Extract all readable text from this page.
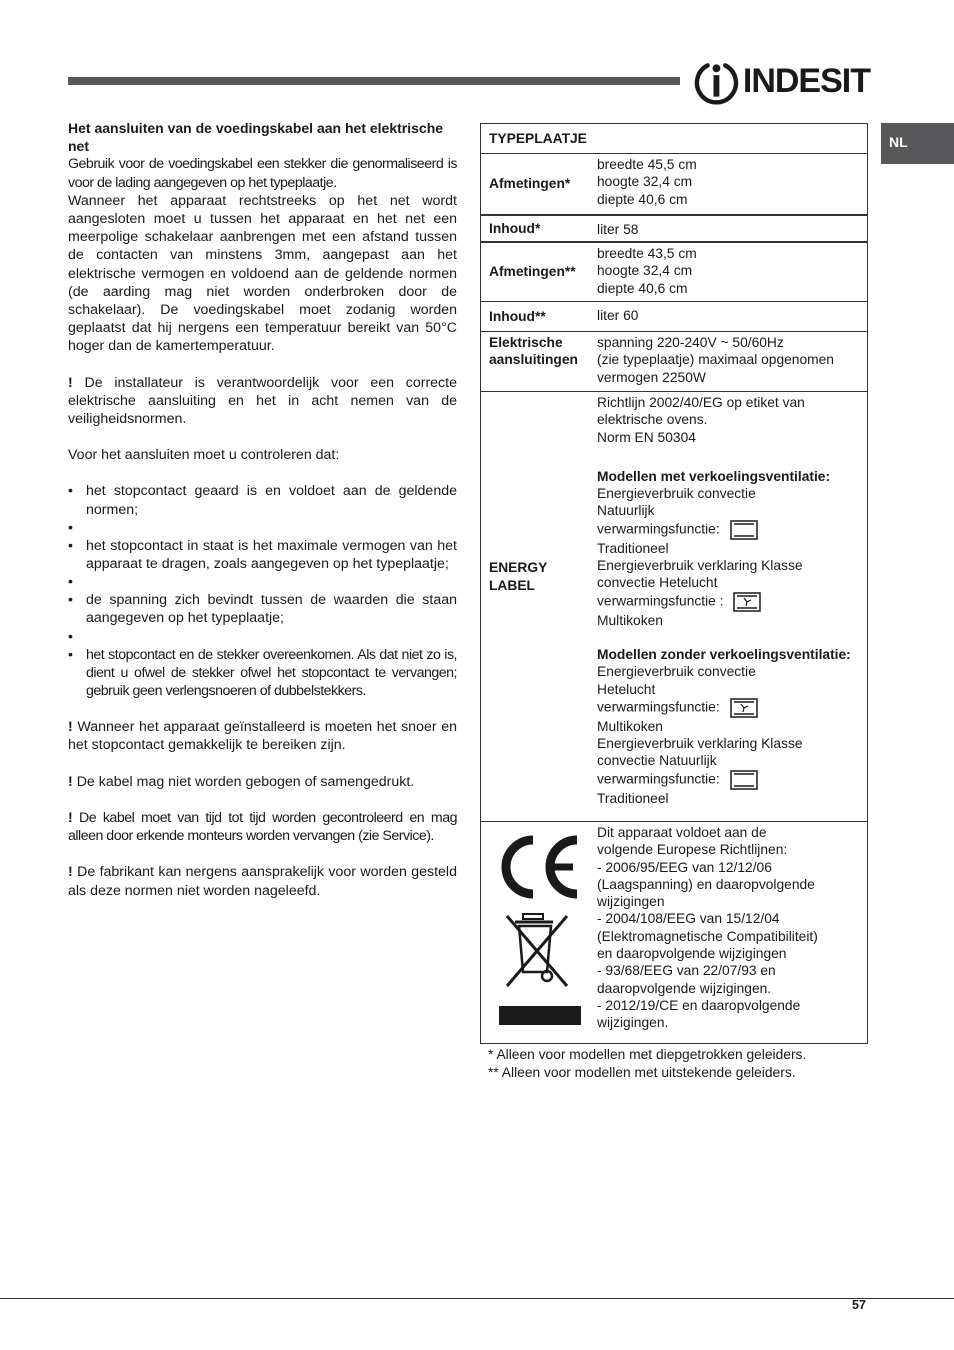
INDESIT
NL

Het aansluiten van de voedingskabel aan het elektrische net

Gebruik voor de voedingskabel een stekker die genormaliseerd is voor de lading aangegeven op het typeplaatje.

Wanneer het apparaat rechtstreeks op het net wordt aangesloten moet u tussen het apparaat en het net een meerpolige schakelaar aanbrengen met een afstand tussen de contacten van minstens 3mm, aangepast aan het elektrische vermogen en voldoend aan de geldende normen (de aarding mag niet worden onderbroken door de schakelaar). De voedingskabel moet zodanig worden geplaatst dat hij nergens een temperatuur bereikt van 50°C hoger dan de kamertemperatuur.

! De installateur is verantwoordelijk voor een correcte elektrische aansluiting en het in acht nemen van de veiligheidsnormen.

Voor het aansluiten moet u controleren dat:

• het stopcontact geaard is en voldoet aan de geldende normen;
•
• het stopcontact in staat is het maximale vermogen van het apparaat te dragen, zoals aangegeven op het typeplaatje;
•
• de spanning zich bevindt tussen de waarden die staan aangegeven op het typeplaatje;
•
• het stopcontact en de stekker overeenkomen. Als dat niet zo is, dient u ofwel de stekker ofwel het stopcontact te vervangen; gebruik geen verlengsnoeren of dubbelstekkers.

! Wanneer het apparaat geïnstalleerd is moeten het snoer en het stopcontact gemakkelijk te bereiken zijn.

! De kabel mag niet worden gebogen of samengedrukt.

! De kabel moet van tijd tot tijd worden gecontroleerd en mag alleen door erkende monteurs worden vervangen (zie Service).

! De fabrikant kan nergens aansprakelijk voor worden gesteld als deze normen niet worden nageleefd.

TYPEPLAATJE
Afmetingen*
breedte 45,5 cm
hoogte 32,4 cm
diepte 40,6 cm
Inhoud*	liter 58
Afmetingen**
breedte 43,5 cm
hoogte 32,4 cm
diepte 40,6 cm
Inhoud**	liter 60
Elektrische aansluitingen
spanning 220-240V ~ 50/60Hz
(zie typeplaatje) maximaal opgenomen
vermogen 2250W
ENERGY LABEL
Richtlijn 2002/40/EG op etiket van
elektrische ovens.
Norm EN 50304
Modellen met verkoelingsventilatie:
Energieverbruik convectie
Natuurlijk
verwarmingsfunctie:
Traditioneel
Energieverbruik verklaring Klasse
convectie Hetelucht
verwarmingsfunctie :
Multikoken
Modellen zonder verkoelingsventilatie:
Energieverbruik convectie
Hetelucht
verwarmingsfunctie:
Multikoken
Energieverbruik verklaring Klasse
convectie Natuurlijk
verwarmingsfunctie:
Traditioneel
Dit apparaat voldoet aan de
volgende Europese Richtlijnen:
- 2006/95/EEG van 12/12/06
(Laagspanning) en daaropvolgende
wijzigingen
- 2004/108/EEG van 15/12/04
(Elektromagnetische Compatibiliteit)
en daaropvolgende wijzigingen
- 93/68/EEG van 22/07/93 en
daaropvolgende wijzigingen.
- 2012/19/CE en daaropvolgende
wijzigingen.
* Alleen voor modellen met diepgetrokken geleiders.
** Alleen voor modellen met uitstekende geleiders.
57
